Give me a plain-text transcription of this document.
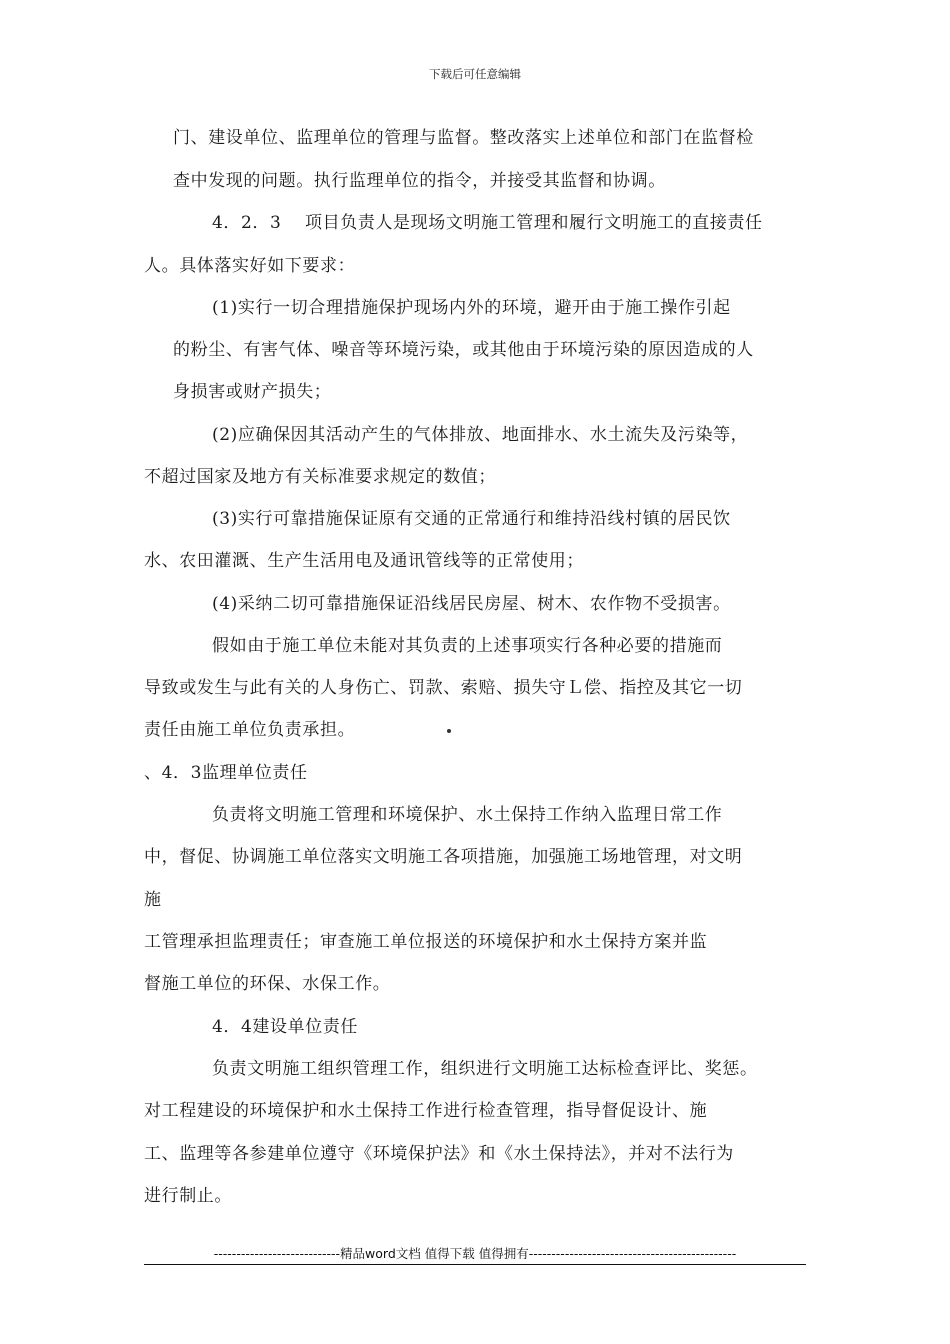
下载后可任意编辑
门、建设单位、监理单位的管理与监督。整改落实上述单位和部门在监督检
查中发现的问题。执行监理单位的指令，并接受其监督和协调。
4．2．3　 项目负责人是现场文明施工管理和履行文明施工的直接责任
人。具体落实好如下要求：
(1)实行一切合理措施保护现场内外的环境，避开由于施工操作引起
的粉尘、有害气体、噪音等环境污染，或其他由于环境污染的原因造成的人
身损害或财产损失；
(2)应确保因其活动产生的气体排放、地面排水、水土流失及污染等，
不超过国家及地方有关标准要求规定的数值；
(3)实行可靠措施保证原有交通的正常通行和维持沿线村镇的居民饮
水、农田灌溉、生产生活用电及通讯管线等的正常使用；
(4)采纳二切可靠措施保证沿线居民房屋、树木、农作物不受损害。
假如由于施工单位未能对其负责的上述事项实行各种必要的措施而
导致或发生与此有关的人身伤亡、罚款、索赔、损失守Ｌ偿、指控及其它一切
责任由施工单位负责承担。
、4．3监理单位责任
负责将文明施工管理和环境保护、水土保持工作纳入监理日常工作
中，督促、协调施工单位落实文明施工各项措施，加强施工场地管理，对文明
施
工管理承担监理责任；审查施工单位报送的环境保护和水土保持方案并监
督施工单位的环保、水保工作。
4．4建设单位责任
负责文明施工组织管理工作，组织进行文明施工达标检查评比、奖惩。
对工程建设的环境保护和水土保持工作进行检查管理，指导督促设计、施
工、监理等各参建单位遵守《环境保护法》和《水土保持法》，并对不法行为
进行制止。
----------------------------精品word文档 值得下载 值得拥有----------------------------------------------
